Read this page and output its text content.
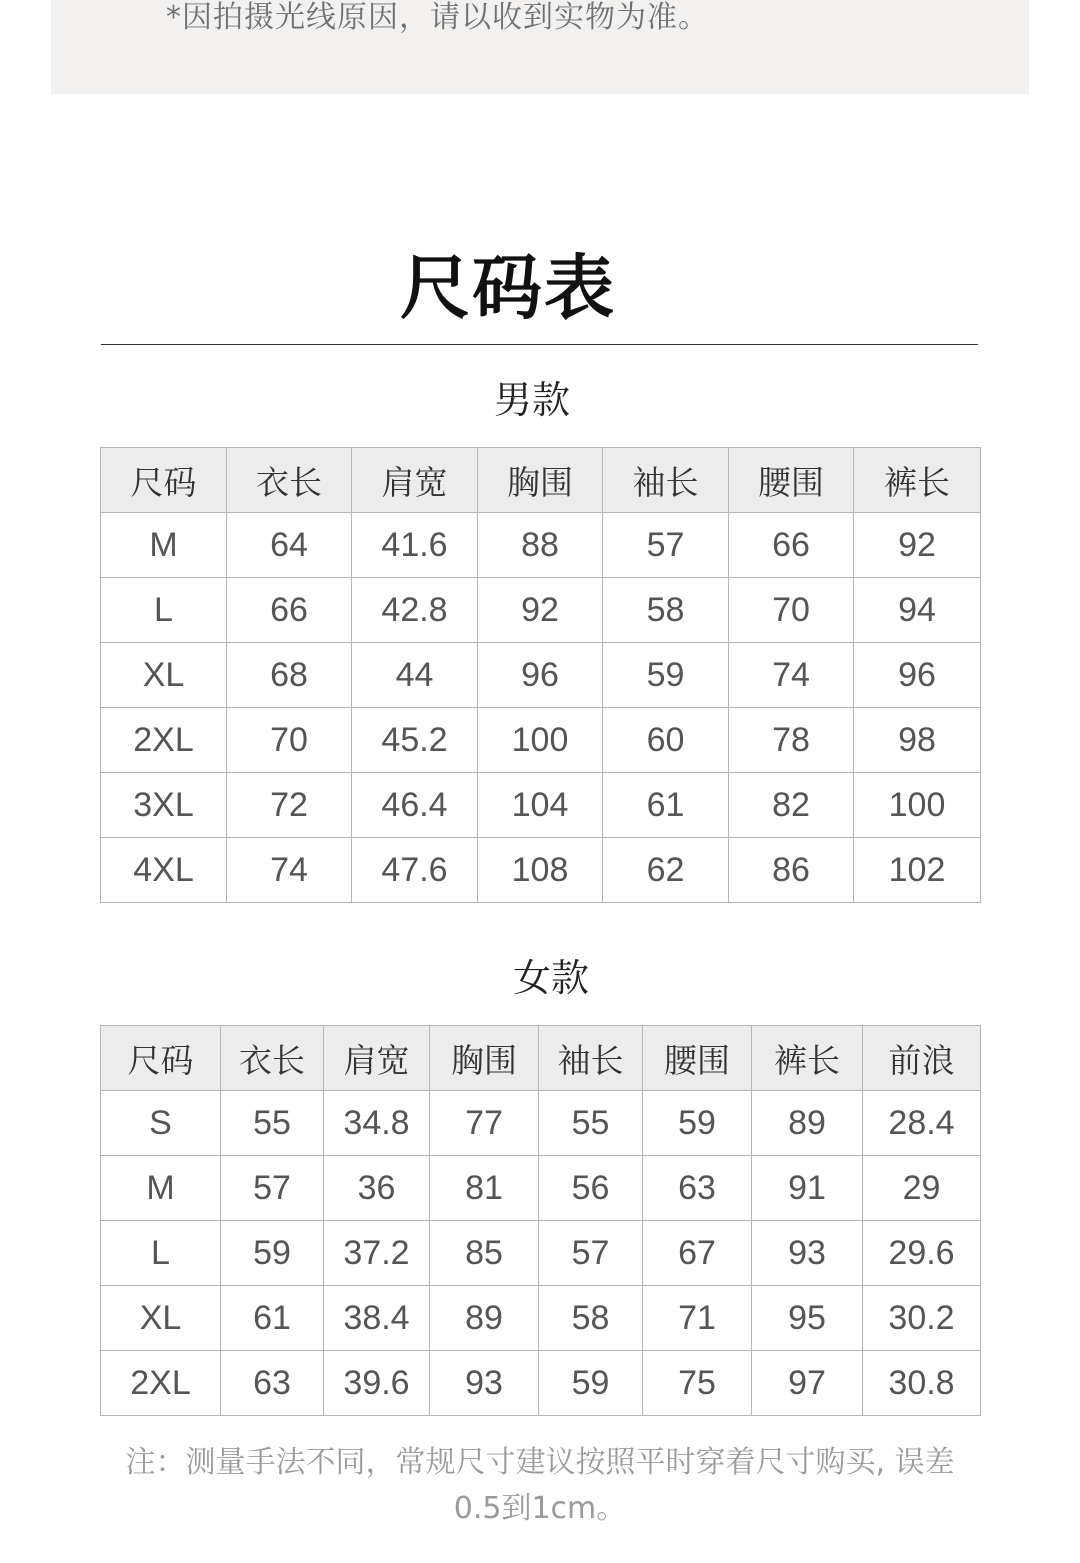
*因拍摄光线原因，请以收到实物为准。
尺码表
男款
尺码	衣长	肩宽	胸围	袖长	腰围	裤长
M	64	41.6	88	57	66	92
L	66	42.8	92	58	70	94
XL	68	44	96	59	74	96
2XL	70	45.2	100	60	78	98
3XL	72	46.4	104	61	82	100
4XL	74	47.6	108	62	86	102
女款
尺码	衣长	肩宽	胸围	袖长	腰围	裤长	前浪
S	55	34.8	77	55	59	89	28.4
M	57	36	81	56	63	91	29
L	59	37.2	85	57	67	93	29.6
XL	61	38.4	89	58	71	95	30.2
2XL	63	39.6	93	59	75	97	30.8
注：测量手法不同，常规尺寸建议按照平时穿着尺寸购买, 误差
0.5到1cm。
